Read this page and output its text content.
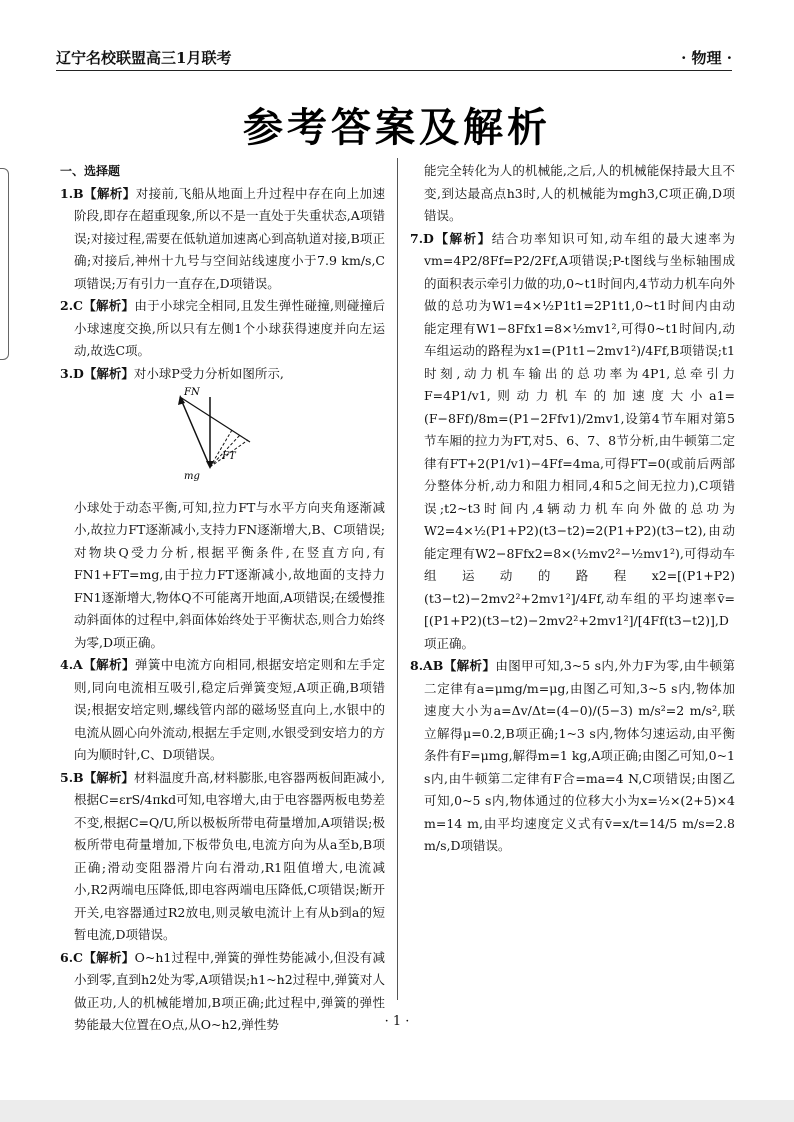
辽宁名校联盟高三1月联考	· 物理 ·
参考答案及解析
一、选择题

1.B【解析】对接前,飞船从地面上升过程中存在向上加速阶段,即存在超重现象,所以不是一直处于失重状态,A项错误;对接过程,需要在低轨道加速离心到高轨道对接,B项正确;对接后,神州十九号与空间站线速度小于7.9 km/s,C项错误;万有引力一直存在,D项错误。

2.C【解析】由于小球完全相同,且发生弹性碰撞,则碰撞后小球速度交换,所以只有左侧1个小球获得速度并向左运动,故选C项。

3.D【解析】对小球P受力分析如图所示,

FN
FT
mg

小球处于动态平衡,可知,拉力FT与水平方向夹角逐渐减小,故拉力FT逐渐减小,支持力FN逐渐增大,B、C项错误;对物块Q受力分析,根据平衡条件,在竖直方向,有FN1+FT=mg,由于拉力FT逐渐减小,故地面的支持力FN1逐渐增大,物体Q不可能离开地面,A项错误;在缓慢推动斜面体的过程中,斜面体始终处于平衡状态,则合力始终为零,D项正确。

4.A【解析】弹簧中电流方向相同,根据安培定则和左手定则,同向电流相互吸引,稳定后弹簧变短,A项正确,B项错误;根据安培定则,螺线管内部的磁场竖直向上,水银中的电流从圆心向外流动,根据左手定则,水银受到安培力的方向为顺时针,C、D项错误。

5.B【解析】材料温度升高,材料膨胀,电容器两板间距减小,根据C=εrS/4πkd可知,电容增大,由于电容器两板电势差不变,根据C=Q/U,所以极板所带电荷量增加,A项错误;极板所带电荷量增加,下板带负电,电流方向为从a至b,B项正确;滑动变阻器滑片向右滑动,R1阻值增大,电流减小,R2两端电压降低,即电容两端电压降低,C项错误;断开开关,电容器通过R2放电,则灵敏电流计上有从b到a的短暂电流,D项错误。

6.C【解析】O~h1过程中,弹簧的弹性势能减小,但没有减小到零,直到h2处为零,A项错误;h1~h2过程中,弹簧对人做正功,人的机械能增加,B项正确;此过程中,弹簧的弹性势能最大位置在O点,从O~h2,弹性势

能完全转化为人的机械能,之后,人的机械能保持最大且不变,到达最高点h3时,人的机械能为mgh3,C项正确,D项错误。

7.D【解析】结合功率知识可知,动车组的最大速率为vm=4P2/8Ff=P2/2Ff,A项错误;P-t图线与坐标轴围成的面积表示牵引力做的功,0~t1时间内,4节动力机车向外做的总功为W1=4×½P1t1=2P1t1,0~t1时间内由动能定理有W1−8Ffx1=8×½mv1²,可得0~t1时间内,动车组运动的路程为x1=(P1t1−2mv1²)/4Ff,B项错误;t1时刻,动力机车输出的总功率为4P1,总牵引力F=4P1/v1,则动力机车的加速度大小a1=(F−8Ff)/8m=(P1−2Ffv1)/2mv1,设第4节车厢对第5节车厢的拉力为FT,对5、6、7、8节分析,由牛顿第二定律有FT+2(P1/v1)−4Ff=4ma,可得FT=0(或前后两部分整体分析,动力和阻力相同,4和5之间无拉力),C项错误;t2~t3时间内,4辆动力机车向外做的总功为W2=4×½(P1+P2)(t3−t2)=2(P1+P2)(t3−t2),由动能定理有W2−8Ffx2=8×(½mv2²−½mv1²),可得动车组运动的路程x2=[(P1+P2)(t3−t2)−2mv2²+2mv1²]/4Ff,动车组的平均速率v̄=[(P1+P2)(t3−t2)−2mv2²+2mv1²]/[4Ff(t3−t2)],D项正确。

8.AB【解析】由图甲可知,3~5 s内,外力F为零,由牛顿第二定律有a=μmg/m=μg,由图乙可知,3~5 s内,物体加速度大小为a=Δv/Δt=(4−0)/(5−3) m/s²=2 m/s²,联立解得μ=0.2,B项正确;1~3 s内,物体匀速运动,由平衡条件有F=μmg,解得m=1 kg,A项正确;由图乙可知,0~1 s内,由牛顿第二定律有F合=ma=4 N,C项错误;由图乙可知,0~5 s内,物体通过的位移大小为x=½×(2+5)×4 m=14 m,由平均速度定义式有v̄=x/t=14/5 m/s=2.8 m/s,D项错误。

· 1 ·
